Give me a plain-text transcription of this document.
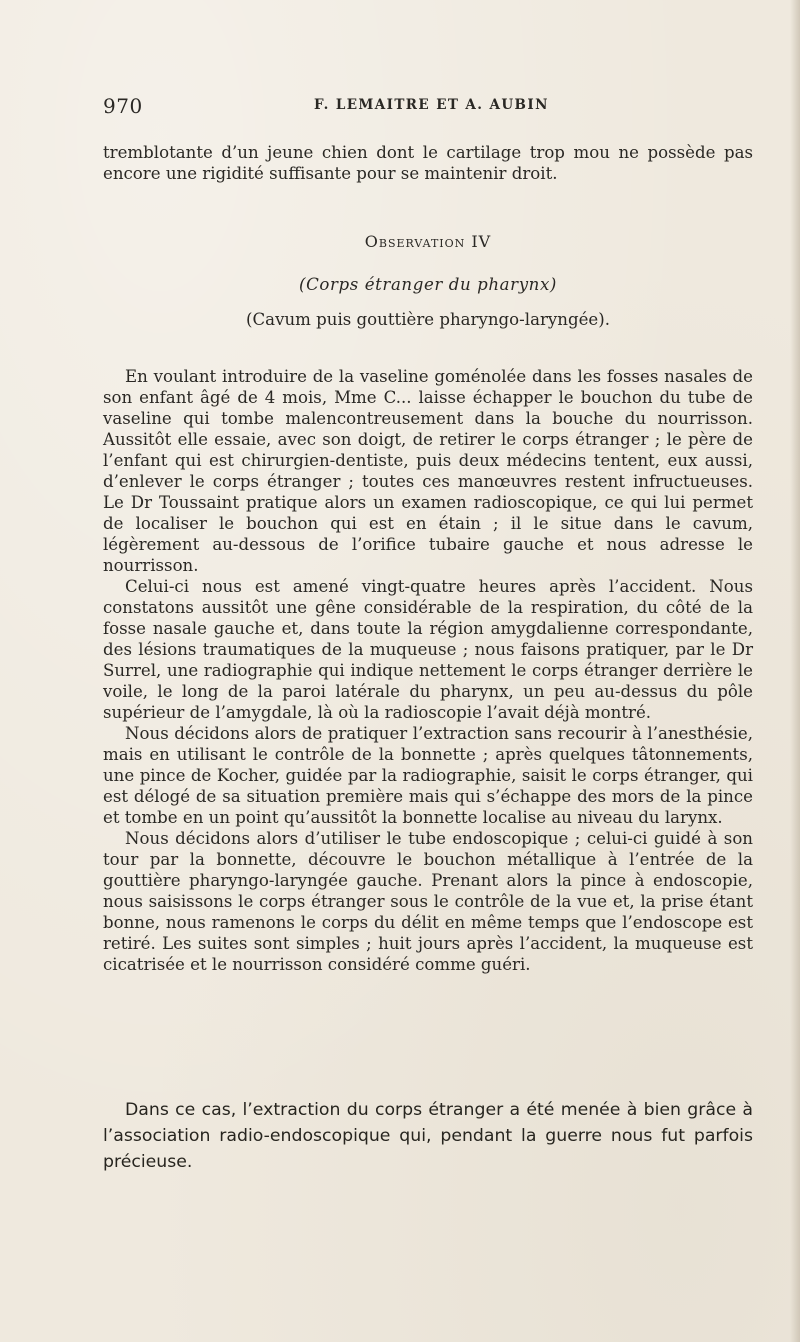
970	F. LEMAITRE ET A. AUBIN

tremblotante d’un jeune chien dont le cartilage trop mou ne possède pas encore une rigidité suffisante pour se maintenir droit.

Observation IV
(Corps étranger du pharynx)
(Cavum puis gouttière pharyngo-laryngée).

En voulant introduire de la vaseline goménolée dans les fosses nasales de son enfant âgé de 4 mois, Mme C... laisse échapper le bouchon du tube de vaseline qui tombe malencontreusement dans la bouche du nourrisson. Aussitôt elle essaie, avec son doigt, de retirer le corps étranger ; le père de l’enfant qui est chirurgien-dentiste, puis deux médecins tentent, eux aussi, d’enlever le corps étranger ; toutes ces manœuvres restent infructueuses. Le Dr Toussaint pratique alors un examen radioscopique, ce qui lui permet de localiser le bouchon qui est en étain ; il le situe dans le cavum, légèrement au-dessous de l’orifice tubaire gauche et nous adresse le nourrisson.

Celui-ci nous est amené vingt-quatre heures après l’accident. Nous constatons aussitôt une gêne considérable de la respiration, du côté de la fosse nasale gauche et, dans toute la région amygdalienne correspondante, des lésions traumatiques de la muqueuse ; nous faisons pratiquer, par le Dr Surrel, une radiographie qui indique nettement le corps étranger derrière le voile, le long de la paroi latérale du pharynx, un peu au-dessus du pôle supérieur de l’amygdale, là où la radioscopie l’avait déjà montré.

Nous décidons alors de pratiquer l’extraction sans recourir à l’anesthésie, mais en utilisant le contrôle de la bonnette ; après quelques tâtonnements, une pince de Kocher, guidée par la radiographie, saisit le corps étranger, qui est délogé de sa situation première mais qui s’échappe des mors de la pince et tombe en un point qu’aussitôt la bonnette localise au niveau du larynx.

Nous décidons alors d’utiliser le tube endoscopique ; celui-ci guidé à son tour par la bonnette, découvre le bouchon métallique à l’entrée de la gouttière pharyngo-laryngée gauche. Prenant alors la pince à endoscopie, nous saisissons le corps étranger sous le contrôle de la vue et, la prise étant bonne, nous ramenons le corps du délit en même temps que l’endoscope est retiré. Les suites sont simples ; huit jours après l’accident, la muqueuse est cicatrisée et le nourrisson considéré comme guéri.

Dans ce cas, l’extraction du corps étranger a été menée à bien grâce à l’association radio-endoscopique qui, pendant la guerre nous fut parfois précieuse.
